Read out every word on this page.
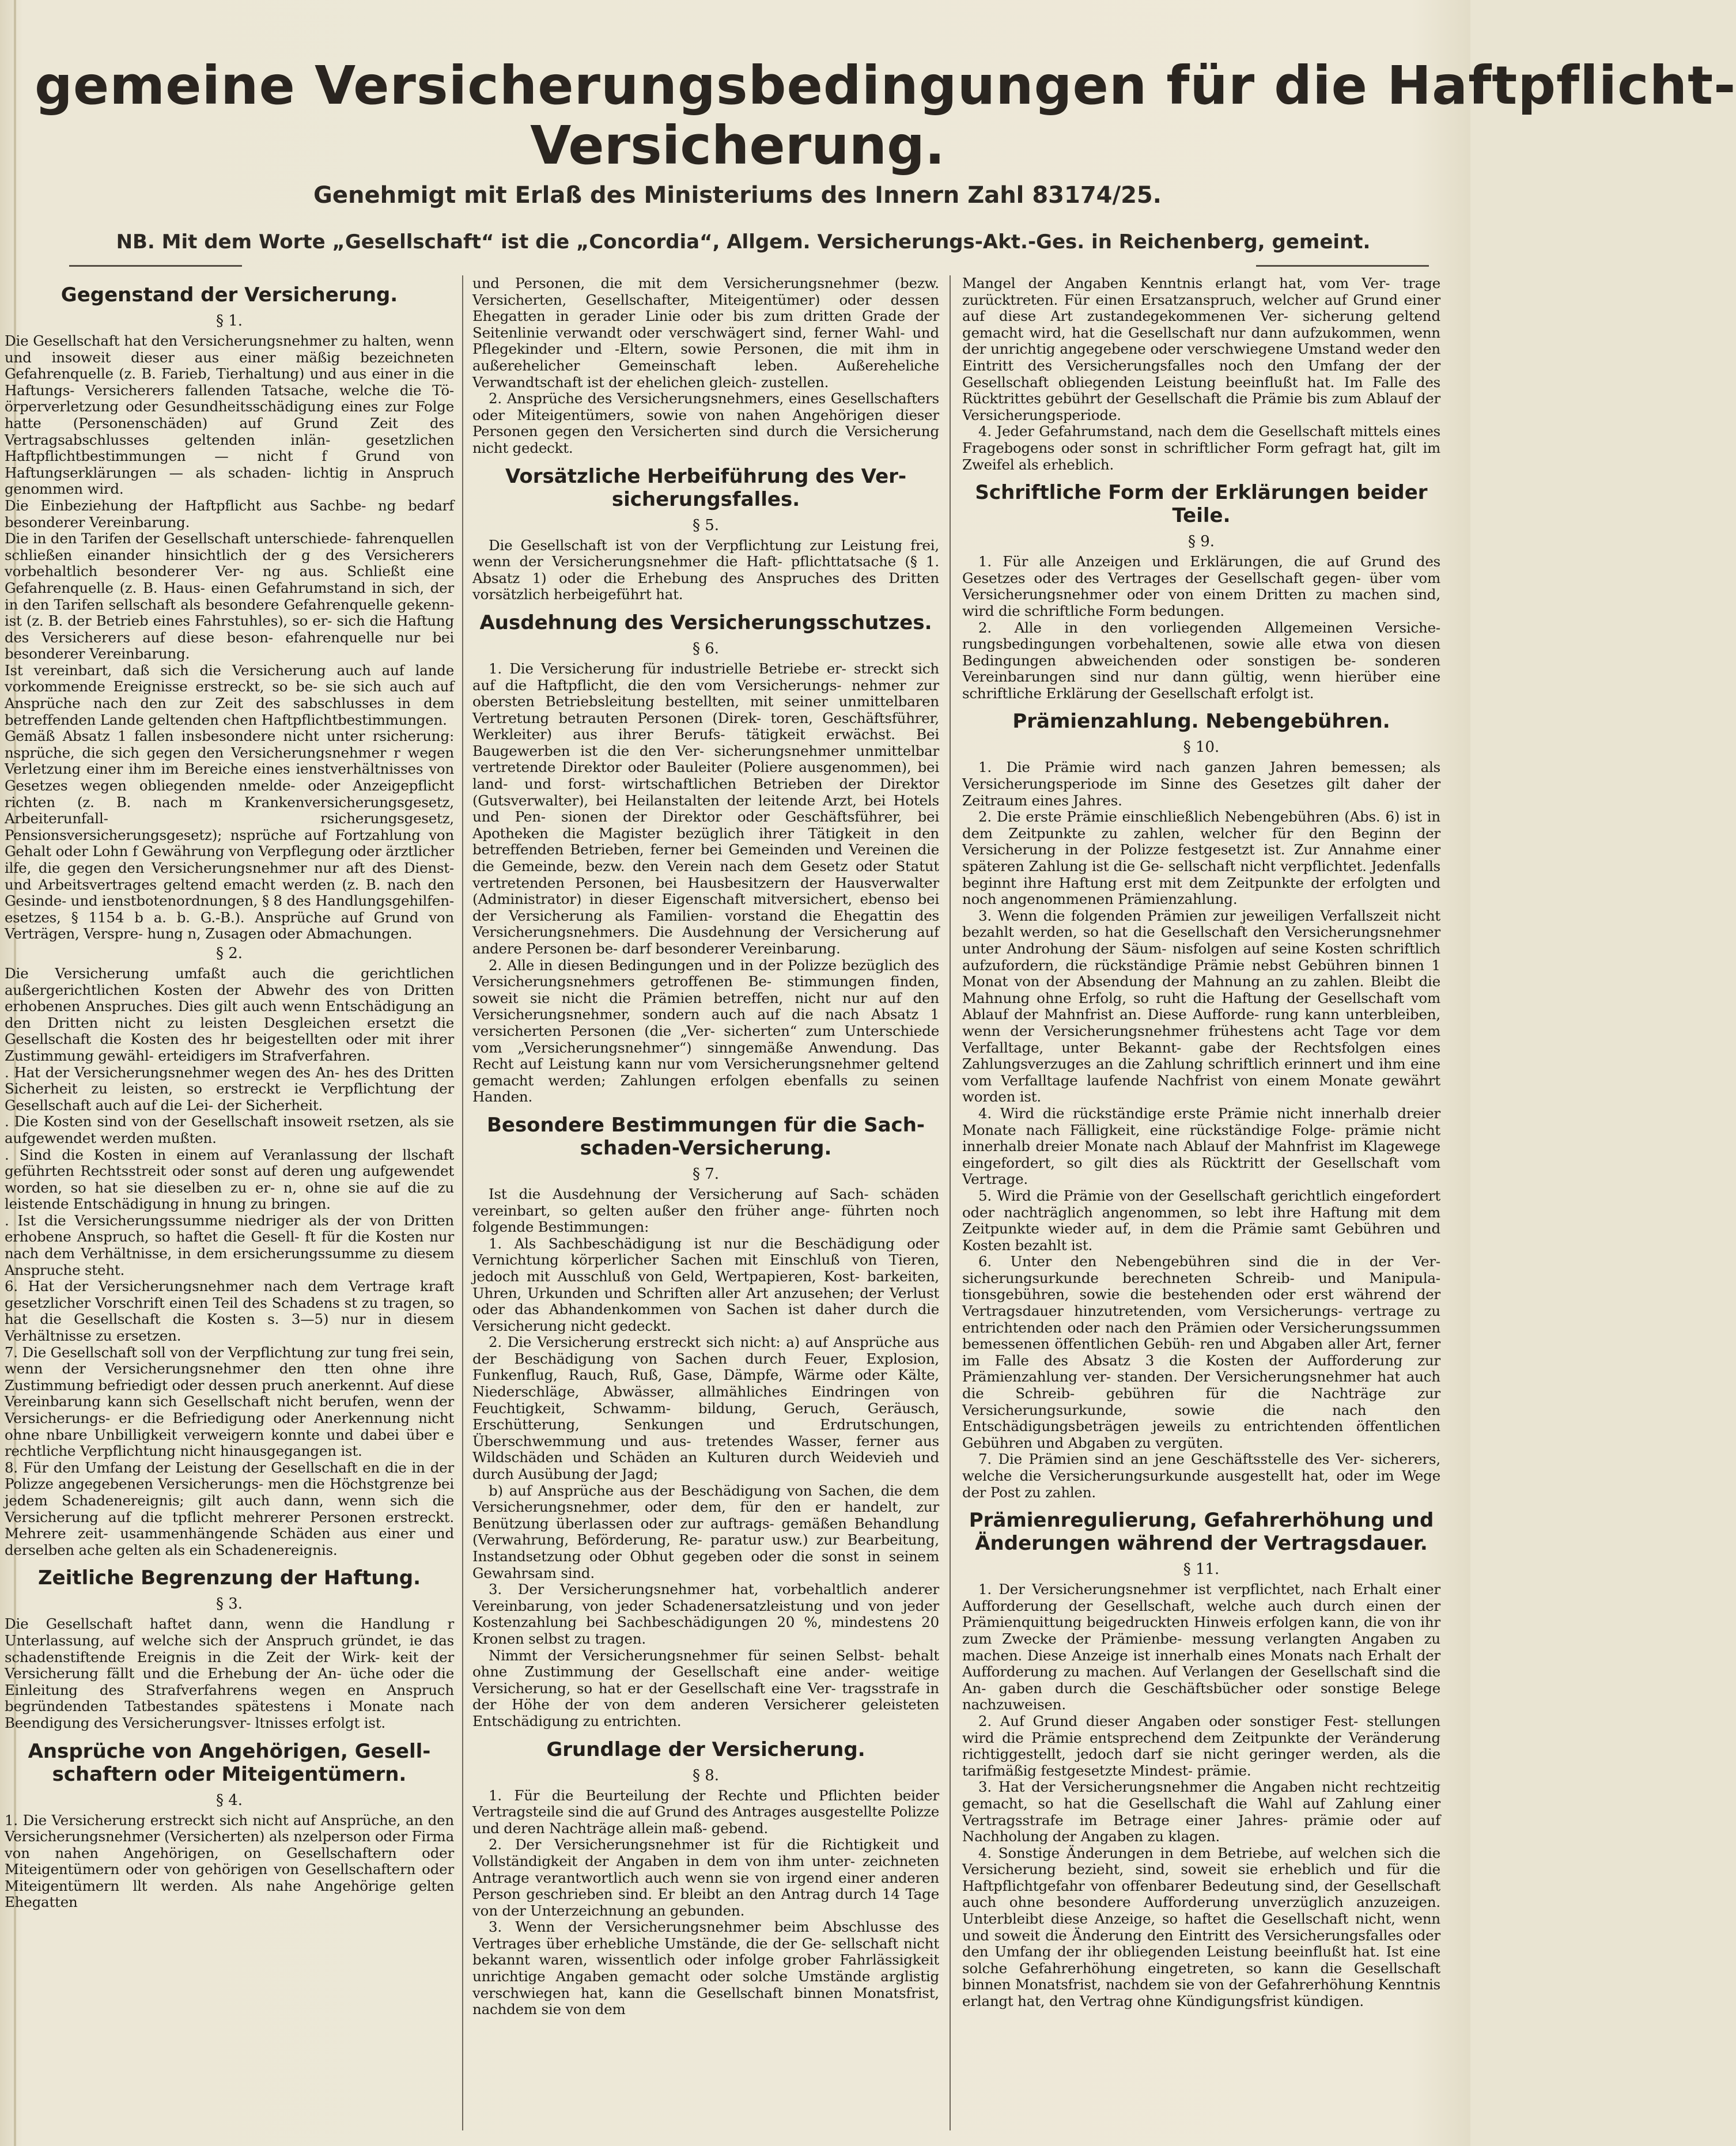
gemeine Versicherungsbedingungen für die Haftpflicht-
Versicherung.
Genehmigt mit Erlaß des Ministeriums des Innern Zahl 83174/25.
NB. Mit dem Worte „Gesellschaft“ ist die „Concordia“, Allgem. Versicherungs-Akt.-Ges. in Reichenberg, gemeint.
Gegenstand der Versicherung.
§ 1.

Die Gesellschaft hat den Versicherungsnehmer zu halten, wenn und insoweit dieser aus einer mäßig bezeichneten Gefahrenquelle (z. B. Farieb, Tierhaltung) und aus einer in die Haftungs- Versicherers fallenden Tatsache, welche die Tö- örperverletzung oder Gesundheitsschädigung eines zur Folge hatte (Personenschäden) auf Grund Zeit des Vertragsabschlusses geltenden inlän- gesetzlichen Haftpflichtbestimmungen — nicht f Grund von Haftungserklärungen — als schaden- lichtig in Anspruch genommen wird.

Die Einbeziehung der Haftpflicht aus Sachbe- ng bedarf besonderer Vereinbarung.

Die in den Tarifen der Gesellschaft unterschiede- fahrenquellen schließen einander hinsichtlich der g des Versicherers vorbehaltlich besonderer Ver- ng aus. Schließt eine Gefahrenquelle (z. B. Haus- einen Gefahrumstand in sich, der in den Tarifen sellschaft als besondere Gefahrenquelle gekenn- ist (z. B. der Betrieb eines Fahrstuhles), so er- sich die Haftung des Versicherers auf diese beson- efahrenquelle nur bei besonderer Vereinbarung.

Ist vereinbart, daß sich die Versicherung auch auf lande vorkommende Ereignisse erstreckt, so be- sie sich auch auf Ansprüche nach den zur Zeit des sabschlusses in dem betreffenden Lande geltenden chen Haftpflichtbestimmungen.

Gemäß Absatz 1 fallen insbesondere nicht unter rsicherung: nsprüche, die sich gegen den Versicherungsnehmer r wegen Verletzung einer ihm im Bereiche eines ienstverhältnisses von Gesetzes wegen obliegenden nmelde- oder Anzeigepflicht richten (z. B. nach m Krankenversicherungsgesetz, Arbeiterunfall- rsicherungsgesetz, Pensionsversicherungsgesetz); nsprüche auf Fortzahlung von Gehalt oder Lohn f Gewährung von Verpflegung oder ärztlicher ilfe, die gegen den Versicherungsnehmer nur aft des Dienst- und Arbeitsvertrages geltend emacht werden (z. B. nach den Gesinde- und ienstbotenordnungen, § 8 des Handlungsgehilfen- esetzes, § 1154 b a. b. G.-B.). Ansprüche auf Grund von Verträgen, Verspre- hung n, Zusagen oder Abmachungen.

§ 2.

Die Versicherung umfaßt auch die gerichtlichen außergerichtlichen Kosten der Abwehr des von Dritten erhobenen Anspruches. Dies gilt auch wenn Entschädigung an den Dritten nicht zu leisten Desgleichen ersetzt die Gesellschaft die Kosten des hr beigestellten oder mit ihrer Zustimmung gewähl- erteidigers im Strafverfahren.

. Hat der Versicherungsnehmer wegen des An- hes des Dritten Sicherheit zu leisten, so erstreckt ie Verpflichtung der Gesellschaft auch auf die Lei- der Sicherheit.

. Die Kosten sind von der Gesellschaft insoweit rsetzen, als sie aufgewendet werden mußten.

. Sind die Kosten in einem auf Veranlassung der llschaft geführten Rechtsstreit oder sonst auf deren ung aufgewendet worden, so hat sie dieselben zu er- n, ohne sie auf die zu leistende Entschädigung in hnung zu bringen.

. Ist die Versicherungssumme niedriger als der von Dritten erhobene Anspruch, so haftet die Gesell- ft für die Kosten nur nach dem Verhältnisse, in dem ersicherungssumme zu diesem Anspruche steht.

6. Hat der Versicherungsnehmer nach dem Vertrage kraft gesetzlicher Vorschrift einen Teil des Schadens st zu tragen, so hat die Gesellschaft die Kosten s. 3—5) nur in diesem Verhältnisse zu ersetzen.

7. Die Gesellschaft soll von der Verpflichtung zur tung frei sein, wenn der Versicherungsnehmer den tten ohne ihre Zustimmung befriedigt oder dessen pruch anerkennt. Auf diese Vereinbarung kann sich Gesellschaft nicht berufen, wenn der Versicherungs- er die Befriedigung oder Anerkennung nicht ohne nbare Unbilligkeit verweigern konnte und dabei über e rechtliche Verpflichtung nicht hinausgegangen ist.

8. Für den Umfang der Leistung der Gesellschaft en die in der Polizze angegebenen Versicherungs- men die Höchstgrenze bei jedem Schadenereignis; gilt auch dann, wenn sich die Versicherung auf die tpflicht mehrerer Personen erstreckt. Mehrere zeit- usammenhängende Schäden aus einer und derselben ache gelten als ein Schadenereignis.

Zeitliche Begrenzung der Haftung.
§ 3.

Die Gesellschaft haftet dann, wenn die Handlung r Unterlassung, auf welche sich der Anspruch gründet, ie das schadenstiftende Ereignis in die Zeit der Wirk- keit der Versicherung fällt und die Erhebung der An- üche oder die Einleitung des Strafverfahrens wegen en Anspruch begründenden Tatbestandes spätestens i Monate nach Beendigung des Versicherungsver- ltnisses erfolgt ist.

Ansprüche von Angehörigen, Gesell- schaftern oder Miteigentümern.
§ 4.

1. Die Versicherung erstreckt sich nicht auf Ansprüche, an den Versicherungsnehmer (Versicherten) als nzelperson oder Firma von nahen Angehörigen, on Gesellschaftern oder Miteigentümern oder von gehörigen von Gesellschaftern oder Miteigentümern llt werden. Als nahe Angehörige gelten Ehegatten

und Personen, die mit dem Versicherungsnehmer (bezw. Versicherten, Gesellschafter, Miteigentümer) oder dessen Ehegatten in gerader Linie oder bis zum dritten Grade der Seitenlinie verwandt oder verschwägert sind, ferner Wahl- und Pflegekinder und -Eltern, sowie Personen, die mit ihm in außerehelicher Gemeinschaft leben. Außereheliche Verwandtschaft ist der ehelichen gleich- zustellen.

2. Ansprüche des Versicherungsnehmers, eines Gesellschafters oder Miteigentümers, sowie von nahen Angehörigen dieser Personen gegen den Versicherten sind durch die Versicherung nicht gedeckt.

Vorsätzliche Herbeiführung des Ver- sicherungsfalles.
§ 5.

Die Gesellschaft ist von der Verpflichtung zur Leistung frei, wenn der Versicherungsnehmer die Haft- pflichttatsache (§ 1. Absatz 1) oder die Erhebung des Anspruches des Dritten vorsätzlich herbeigeführt hat.

Ausdehnung des Versicherungsschutzes.
§ 6.

1. Die Versicherung für industrielle Betriebe er- streckt sich auf die Haftpflicht, die den vom Versicherungs- nehmer zur obersten Betriebsleitung bestellten, mit seiner unmittelbaren Vertretung betrauten Personen (Direk- toren, Geschäftsführer, Werkleiter) aus ihrer Berufs- tätigkeit erwächst. Bei Baugewerben ist die den Ver- sicherungsnehmer unmittelbar vertretende Direktor oder Bauleiter (Poliere ausgenommen), bei land- und forst- wirtschaftlichen Betrieben der Direktor (Gutsverwalter), bei Heilanstalten der leitende Arzt, bei Hotels und Pen- sionen der Direktor oder Geschäftsführer, bei Apotheken die Magister bezüglich ihrer Tätigkeit in den betreffenden Betrieben, ferner bei Gemeinden und Vereinen die die Gemeinde, bezw. den Verein nach dem Gesetz oder Statut vertretenden Personen, bei Hausbesitzern der Hausverwalter (Administrator) in dieser Eigenschaft mitversichert, ebenso bei der Versicherung als Familien- vorstand die Ehegattin des Versicherungsnehmers. Die Ausdehnung der Versicherung auf andere Personen be- darf besonderer Vereinbarung.

2. Alle in diesen Bedingungen und in der Polizze bezüglich des Versicherungsnehmers getroffenen Be- stimmungen finden, soweit sie nicht die Prämien betreffen, nicht nur auf den Versicherungsnehmer, sondern auch auf die nach Absatz 1 versicherten Personen (die „Ver- sicherten“ zum Unterschiede vom „Versicherungsnehmer“) sinngemäße Anwendung. Das Recht auf Leistung kann nur vom Versicherungsnehmer geltend gemacht werden; Zahlungen erfolgen ebenfalls zu seinen Handen.

Besondere Bestimmungen für die Sach- schaden-Versicherung.
§ 7.

Ist die Ausdehnung der Versicherung auf Sach- schäden vereinbart, so gelten außer den früher ange- führten noch folgende Bestimmungen:

1. Als Sachbeschädigung ist nur die Beschädigung oder Vernichtung körperlicher Sachen mit Einschluß von Tieren, jedoch mit Ausschluß von Geld, Wertpapieren, Kost- barkeiten, Uhren, Urkunden und Schriften aller Art anzusehen; der Verlust oder das Abhandenkommen von Sachen ist daher durch die Versicherung nicht gedeckt.

2. Die Versicherung erstreckt sich nicht: a) auf Ansprüche aus der Beschädigung von Sachen durch Feuer, Explosion, Funkenflug, Rauch, Ruß, Gase, Dämpfe, Wärme oder Kälte, Niederschläge, Abwässer, allmähliches Eindringen von Feuchtigkeit, Schwamm- bildung, Geruch, Geräusch, Erschütterung, Senkungen und Erdrutschungen, Überschwemmung und aus- tretendes Wasser, ferner aus Wildschäden und Schäden an Kulturen durch Weidevieh und durch Ausübung der Jagd;

b) auf Ansprüche aus der Beschädigung von Sachen, die dem Versicherungsnehmer, oder dem, für den er handelt, zur Benützung überlassen oder zur auftrags- gemäßen Behandlung (Verwahrung, Beförderung, Re- paratur usw.) zur Bearbeitung, Instandsetzung oder Obhut gegeben oder die sonst in seinem Gewahrsam sind.

3. Der Versicherungsnehmer hat, vorbehaltlich anderer Vereinbarung, von jeder Schadenersatzleistung und von jeder Kostenzahlung bei Sachbeschädigungen 20 %, mindestens 20 Kronen selbst zu tragen.

Nimmt der Versicherungsnehmer für seinen Selbst- behalt ohne Zustimmung der Gesellschaft eine ander- weitige Versicherung, so hat er der Gesellschaft eine Ver- tragsstrafe in der Höhe der von dem anderen Versicherer geleisteten Entschädigung zu entrichten.

Grundlage der Versicherung.
§ 8.

1. Für die Beurteilung der Rechte und Pflichten beider Vertragsteile sind die auf Grund des Antrages ausgestellte Polizze und deren Nachträge allein maß- gebend.

2. Der Versicherungsnehmer ist für die Richtigkeit und Vollständigkeit der Angaben in dem von ihm unter- zeichneten Antrage verantwortlich auch wenn sie von irgend einer anderen Person geschrieben sind. Er bleibt an den Antrag durch 14 Tage von der Unterzeichnung an gebunden.

3. Wenn der Versicherungsnehmer beim Abschlusse des Vertrages über erhebliche Umstände, die der Ge- sellschaft nicht bekannt waren, wissentlich oder infolge grober Fahrlässigkeit unrichtige Angaben gemacht oder solche Umstände arglistig verschwiegen hat, kann die Gesellschaft binnen Monatsfrist, nachdem sie von dem

Mangel der Angaben Kenntnis erlangt hat, vom Ver- trage zurücktreten. Für einen Ersatzanspruch, welcher auf Grund einer auf diese Art zustandegekommenen Ver- sicherung geltend gemacht wird, hat die Gesellschaft nur dann aufzukommen, wenn der unrichtig angegebene oder verschwiegene Umstand weder den Eintritt des Versicherungsfalles noch den Umfang der der Gesellschaft obliegenden Leistung beeinflußt hat. Im Falle des Rücktrittes gebührt der Gesellschaft die Prämie bis zum Ablauf der Versicherungsperiode.

4. Jeder Gefahrumstand, nach dem die Gesellschaft mittels eines Fragebogens oder sonst in schriftlicher Form gefragt hat, gilt im Zweifel als erheblich.

Schriftliche Form der Erklärungen beider Teile.
§ 9.

1. Für alle Anzeigen und Erklärungen, die auf Grund des Gesetzes oder des Vertrages der Gesellschaft gegen- über vom Versicherungsnehmer oder von einem Dritten zu machen sind, wird die schriftliche Form bedungen.

2. Alle in den vorliegenden Allgemeinen Versiche- rungsbedingungen vorbehaltenen, sowie alle etwa von diesen Bedingungen abweichenden oder sonstigen be- sonderen Vereinbarungen sind nur dann gültig, wenn hierüber eine schriftliche Erklärung der Gesellschaft erfolgt ist.

Prämienzahlung. Nebengebühren.
§ 10.

1. Die Prämie wird nach ganzen Jahren bemessen; als Versicherungsperiode im Sinne des Gesetzes gilt daher der Zeitraum eines Jahres.

2. Die erste Prämie einschließlich Nebengebühren (Abs. 6) ist in dem Zeitpunkte zu zahlen, welcher für den Beginn der Versicherung in der Polizze festgesetzt ist. Zur Annahme einer späteren Zahlung ist die Ge- sellschaft nicht verpflichtet. Jedenfalls beginnt ihre Haftung erst mit dem Zeitpunkte der erfolgten und noch angenommenen Prämienzahlung.

3. Wenn die folgenden Prämien zur jeweiligen Verfallszeit nicht bezahlt werden, so hat die Gesellschaft den Versicherungsnehmer unter Androhung der Säum- nisfolgen auf seine Kosten schriftlich aufzufordern, die rückständige Prämie nebst Gebühren binnen 1 Monat von der Absendung der Mahnung an zu zahlen. Bleibt die Mahnung ohne Erfolg, so ruht die Haftung der Gesellschaft vom Ablauf der Mahnfrist an. Diese Aufforde- rung kann unterbleiben, wenn der Versicherungsnehmer frühestens acht Tage vor dem Verfalltage, unter Bekannt- gabe der Rechtsfolgen eines Zahlungsverzuges an die Zahlung schriftlich erinnert und ihm eine vom Verfalltage laufende Nachfrist von einem Monate gewährt worden ist.

4. Wird die rückständige erste Prämie nicht innerhalb dreier Monate nach Fälligkeit, eine rückständige Folge- prämie nicht innerhalb dreier Monate nach Ablauf der Mahnfrist im Klagewege eingefordert, so gilt dies als Rücktritt der Gesellschaft vom Vertrage.

5. Wird die Prämie von der Gesellschaft gerichtlich eingefordert oder nachträglich angenommen, so lebt ihre Haftung mit dem Zeitpunkte wieder auf, in dem die Prämie samt Gebühren und Kosten bezahlt ist.

6. Unter den Nebengebühren sind die in der Ver- sicherungsurkunde berechneten Schreib- und Manipula- tionsgebühren, sowie die bestehenden oder erst während der Vertragsdauer hinzutretenden, vom Versicherungs- vertrage zu entrichtenden oder nach den Prämien oder Versicherungssummen bemessenen öffentlichen Gebüh- ren und Abgaben aller Art, ferner im Falle des Absatz 3 die Kosten der Aufforderung zur Prämienzahlung ver- standen. Der Versicherungsnehmer hat auch die Schreib- gebühren für die Nachträge zur Versicherungsurkunde, sowie die nach den Entschädigungsbeträgen jeweils zu entrichtenden öffentlichen Gebühren und Abgaben zu vergüten.

7. Die Prämien sind an jene Geschäftsstelle des Ver- sicherers, welche die Versicherungsurkunde ausgestellt hat, oder im Wege der Post zu zahlen.

Prämienregulierung, Gefahrerhöhung und Änderungen während der Vertragsdauer.
§ 11.

1. Der Versicherungsnehmer ist verpflichtet, nach Erhalt einer Aufforderung der Gesellschaft, welche auch durch einen der Prämienquittung beigedruckten Hinweis erfolgen kann, die von ihr zum Zwecke der Prämienbe- messung verlangten Angaben zu machen. Diese Anzeige ist innerhalb eines Monats nach Erhalt der Aufforderung zu machen. Auf Verlangen der Gesellschaft sind die An- gaben durch die Geschäftsbücher oder sonstige Belege nachzuweisen.

2. Auf Grund dieser Angaben oder sonstiger Fest- stellungen wird die Prämie entsprechend dem Zeitpunkte der Veränderung richtiggestellt, jedoch darf sie nicht geringer werden, als die tarifmäßig festgesetzte Mindest- prämie.

3. Hat der Versicherungsnehmer die Angaben nicht rechtzeitig gemacht, so hat die Gesellschaft die Wahl auf Zahlung einer Vertragsstrafe im Betrage einer Jahres- prämie oder auf Nachholung der Angaben zu klagen.

4. Sonstige Änderungen in dem Betriebe, auf welchen sich die Versicherung bezieht, sind, soweit sie erheblich und für die Haftpflichtgefahr von offenbarer Bedeutung sind, der Gesellschaft auch ohne besondere Aufforderung unverzüglich anzuzeigen. Unterbleibt diese Anzeige, so haftet die Gesellschaft nicht, wenn und soweit die Änderung den Eintritt des Versicherungsfalles oder den Umfang der ihr obliegenden Leistung beeinflußt hat. Ist eine solche Gefahrerhöhung eingetreten, so kann die Gesellschaft binnen Monatsfrist, nachdem sie von der Gefahrerhöhung Kenntnis erlangt hat, den Vertrag ohne Kündigungsfrist kündigen.
